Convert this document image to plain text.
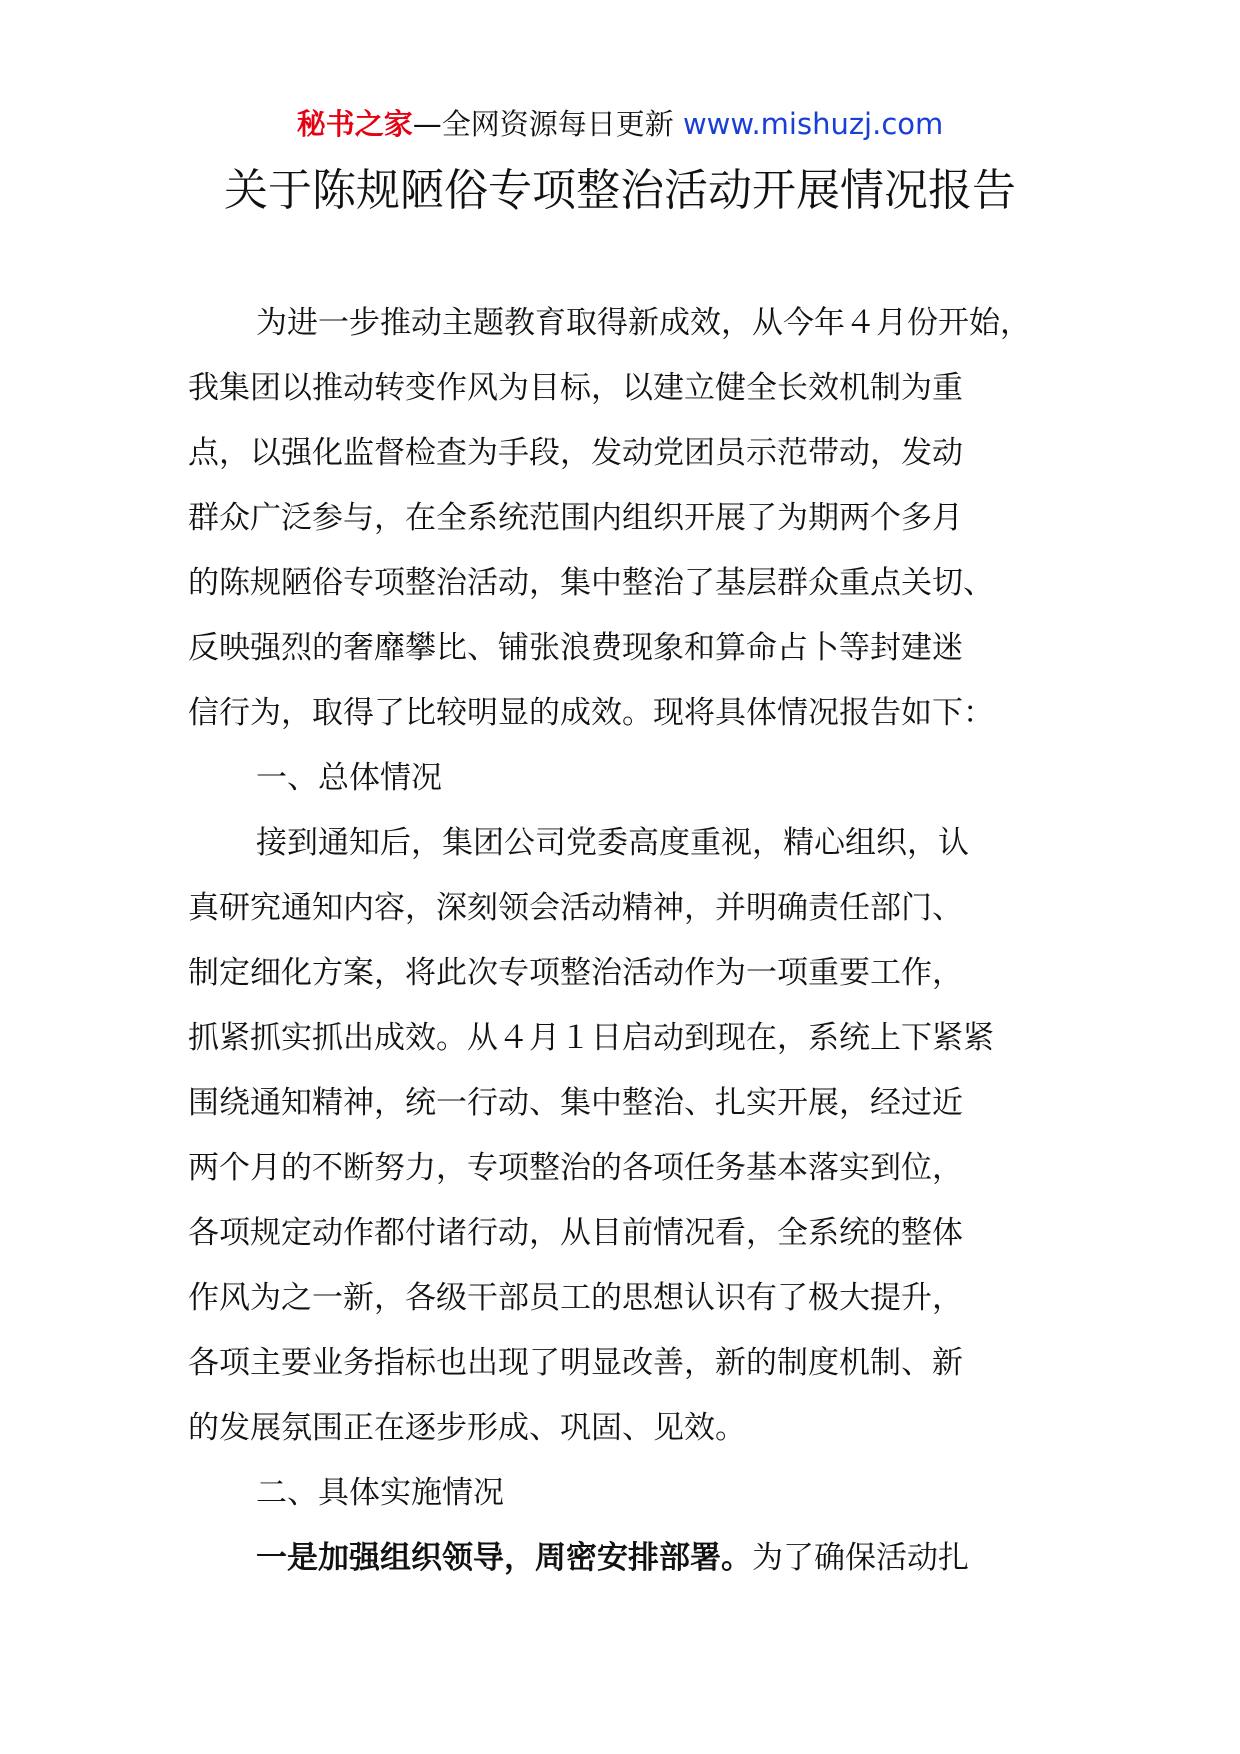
秘书之家—全网资源每日更新 www.mishuzj.com
关于陈规陋俗专项整治活动开展情况报告
为进一步推动主题教育取得新成效，从今年４月份开始，
我集团以推动转变作风为目标，以建立健全长效机制为重
点，以强化监督检查为手段，发动党团员示范带动，发动
群众广泛参与，在全系统范围内组织开展了为期两个多月
的陈规陋俗专项整治活动，集中整治了基层群众重点关切、
反映强烈的奢靡攀比、铺张浪费现象和算命占卜等封建迷
信行为，取得了比较明显的成效。现将具体情况报告如下：
一、总体情况
接到通知后，集团公司党委高度重视，精心组织，认
真研究通知内容，深刻领会活动精神，并明确责任部门、
制定细化方案，将此次专项整治活动作为一项重要工作，
抓紧抓实抓出成效。从４月１日启动到现在，系统上下紧紧
围绕通知精神，统一行动、集中整治、扎实开展，经过近
两个月的不断努力，专项整治的各项任务基本落实到位，
各项规定动作都付诸行动，从目前情况看，全系统的整体
作风为之一新，各级干部员工的思想认识有了极大提升，
各项主要业务指标也出现了明显改善，新的制度机制、新
的发展氛围正在逐步形成、巩固、见效。
二、具体实施情况
一是加强组织领导，周密安排部署。为了确保活动扎
